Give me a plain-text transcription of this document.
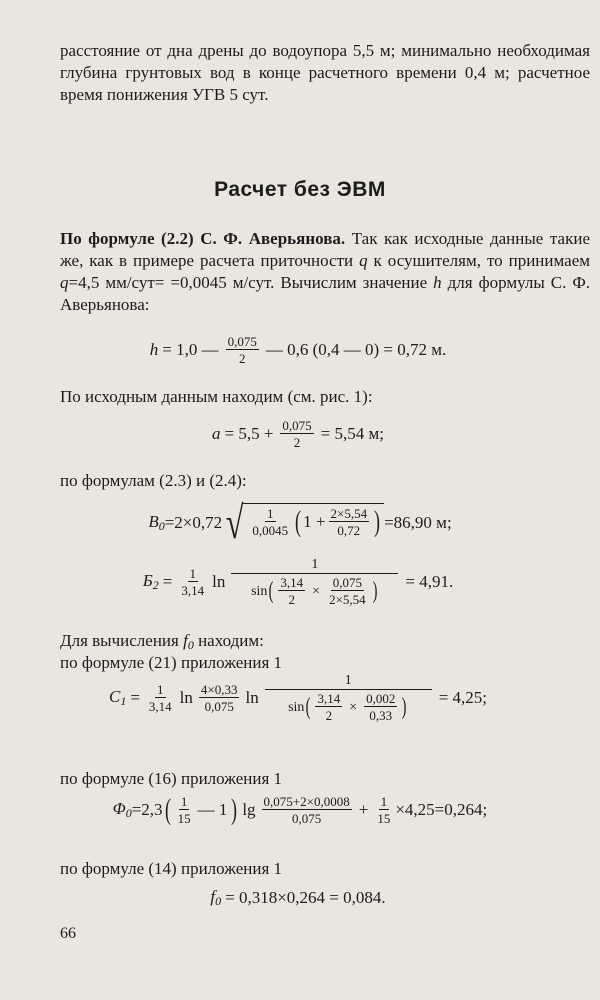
расстояние от дна дрены до водоупора 5,5 м; минимально необходимая глубина грунтовых вод в конце расчетного времени 0,4 м; расчетное время понижения УГВ 5 сут.

Расчет без ЭВМ

По формуле (2.2) С. Ф. Аверьянова. Так как исходные данные такие же, как в примере расчета приточности q к осушителям, то принимаем q=4,5 мм/сут= =0,0045 м/сут. Вычислим значение h для формулы С. Ф. Аверьянова:

h = 1,0 — $\frac{0,075}{2}$ — 0,6 (0,4 — 0) = 0,72 м.

По исходным данным находим (см. рис. 1):

$a = 5,5 + \frac{0,075}{2} = 5,54$ м;

по формулам (2.3) и (2.4):

$B_0 =2\times 0,72$ √ $\frac{1}{0,0045}$ ( $1 + \frac{2\times 5,54}{0,72}$ ) =86,90 м;
$Б_2 = \frac{1}{3,14}$ ln
1
sin ( $\frac{3,14}{2} \times \frac{0,075}{2\times 5,54}$ ) = 4,91.

Для вычисления $f_0$ находим:

по формуле (21) приложения 1

$C_1 = \frac{1}{3,14}$ $\ln \frac{4\times 0,33}{0,075}$ ln
1
sin ( $\frac{3,14}{2} \times \frac{0,002}{0,33}$ ) = 4,25;

по формуле (16) приложения 1

$\Phi_0 =2,3$ ( $\frac{1}{15}$ — 1 ) $\lg \frac{0,075+2\times 0,0008}{0,075} + \frac{1}{15} \times 4,25=0,264$;

по формуле (14) приложения 1

$f_0 = 0,318\times 0,264 = 0,084$.
66
